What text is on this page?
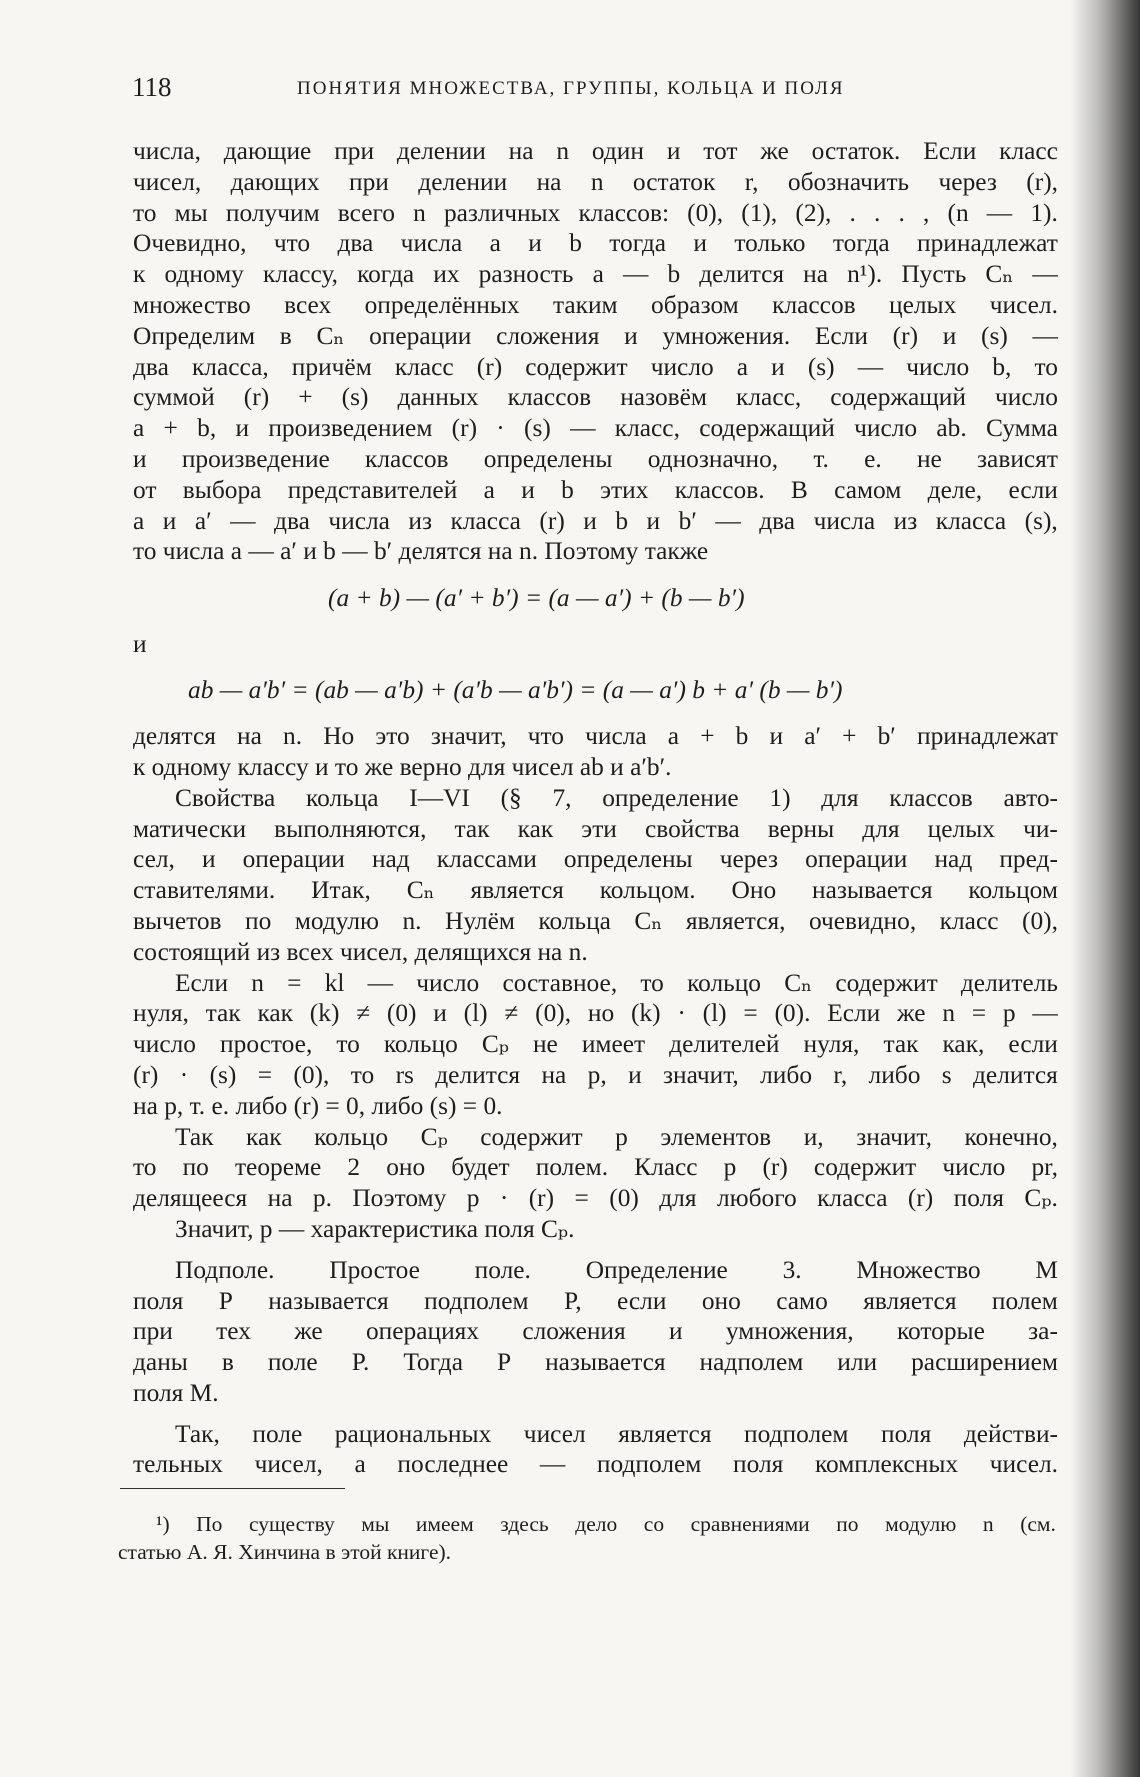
118	ПОНЯТИЯ МНОЖЕСТВА, ГРУППЫ, КОЛЬЦА И ПОЛЯ
числа, дающие при делении на n один и тот же остаток. Если класс
чисел, дающих при делении на n остаток r, обозначить через (r),
то мы получим всего n различных классов: (0), (1), (2), . . . , (n — 1).
Очевидно, что два числа a и b тогда и только тогда принадлежат
к одному классу, когда их разность a — b делится на n¹). Пусть Cₙ —
множество всех определённых таким образом классов целых чисел.
Определим в Cₙ операции сложения и умножения. Если (r) и (s) —
два класса, причём класс (r) содержит число a и (s) — число b, то
суммой (r) + (s) данных классов назовём класс, содержащий число
a + b, и произведением (r) · (s) — класс, содержащий число ab. Сумма
и произведение классов определены однозначно, т. е. не зависят
от выбора представителей a и b этих классов. В самом деле, если
a и a′ — два числа из класса (r) и b и b′ — два числа из класса (s),
то числа a — a′ и b — b′ делятся на n. Поэтому также
(a + b) — (a′ + b′) = (a — a′) + (b — b′)
и
ab — a′b′ = (ab — a′b) + (a′b — a′b′) = (a — a′) b + a′ (b — b′)
делятся на n. Но это значит, что числа a + b и a′ + b′ принадлежат
к одному классу и то же верно для чисел ab и a′b′.
Свойства кольца I—VI (§ 7, определение 1) для классов авто-
матически выполняются, так как эти свойства верны для целых чи-
сел, и операции над классами определены через операции над пред-
ставителями. Итак, Cₙ является кольцом. Оно называется кольцом
вычетов по модулю n. Нулём кольца Cₙ является, очевидно, класс (0),
состоящий из всех чисел, делящихся на n.
Если n = kl — число составное, то кольцо Cₙ содержит делитель
нуля, так как (k) ≠ (0) и (l) ≠ (0), но (k) · (l) = (0). Если же n = p —
число простое, то кольцо Cₚ не имеет делителей нуля, так как, если
(r) · (s) = (0), то rs делится на p, и значит, либо r, либо s делится
на p, т. е. либо (r) = 0, либо (s) = 0.
Так как кольцо Cₚ содержит p элементов и, значит, конечно,
то по теореме 2 оно будет полем. Класс p (r) содержит число pr,
делящееся на p. Поэтому p · (r) = (0) для любого класса (r) поля Cₚ.
Значит, p — характеристика поля Cₚ.
Подполе. Простое поле. Определение 3. Множество M
поля P называется подполем P, если оно само является полем
при тех же операциях сложения и умножения, которые за-
даны в поле P. Тогда P называется надполем или расширением
поля M.
Так, поле рациональных чисел является подполем поля действи-
тельных чисел, а последнее — подполем поля комплексных чисел.
¹) По существу мы имеем здесь дело со сравнениями по модулю n (см.
статью А. Я. Хинчина в этой книге).
